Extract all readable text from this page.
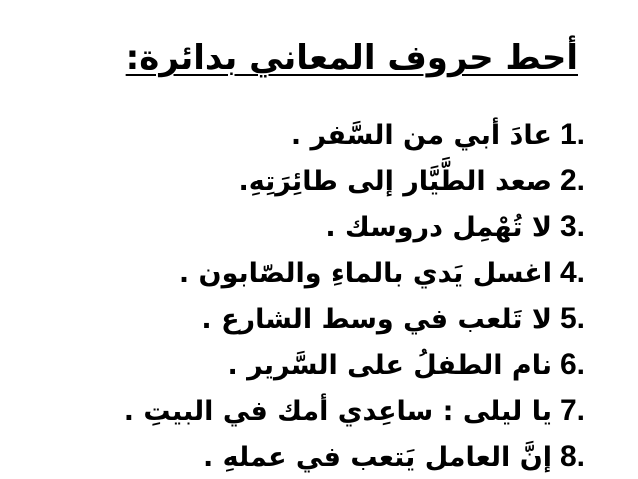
أحط حروف المعاني بدائرة:
1.
عادَ أبي من السَّفر .
2.
صعد الطَّيَّار إلى طائِرَتِهِ.
3.
لا تُهْمِل دروسك .
4.
اغسل يَدي بالماءِ والصّابون .
5.
لا تَلعب في وسط الشارع .
6.
نام الطفلُ على السَّرير .
7.
يا ليلى : ساعِدي أمك في البيتِ .
8.
إنَّ العامل يَتعب في عملهِ .
